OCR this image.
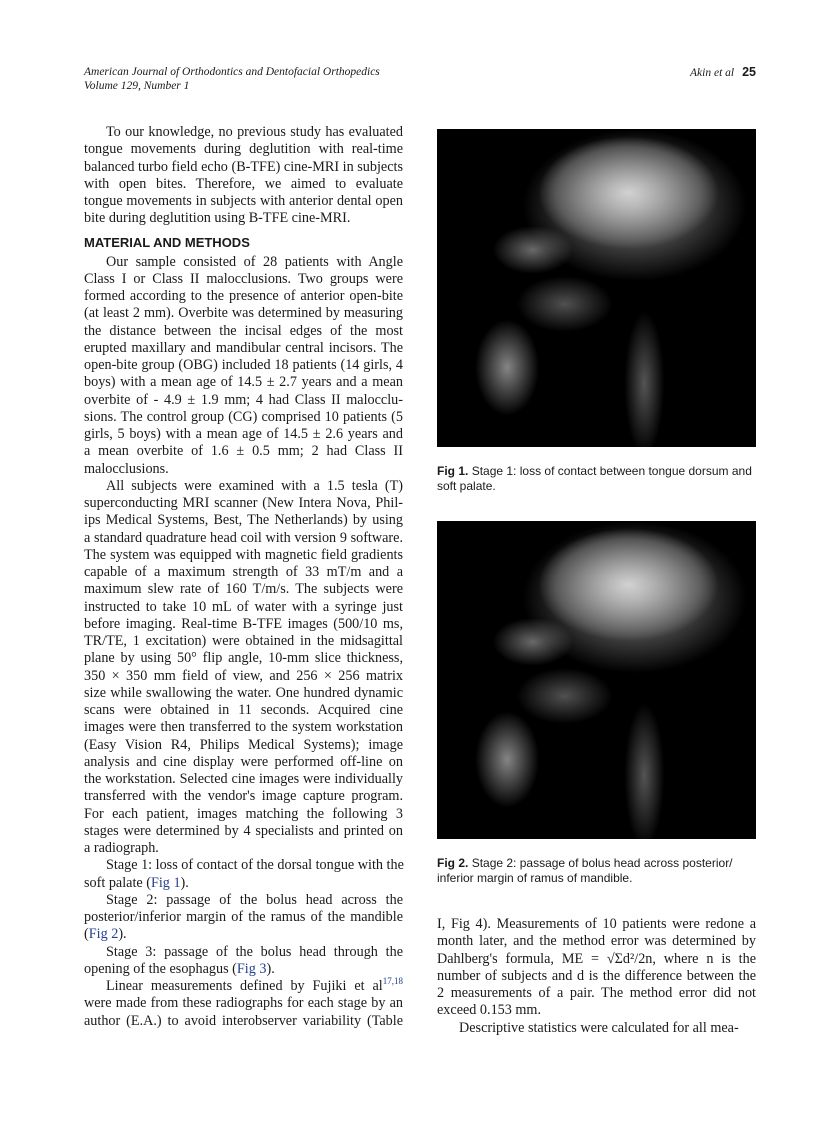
American Journal of Orthodontics and Dentofacial Orthopedics
Volume 129, Number 1
Akin et al 25
To our knowledge, no previous study has evaluated
tongue movements during deglutition with real-time
balanced turbo field echo (B-TFE) cine-MRI in subjects
with open bites. Therefore, we aimed to evaluate
tongue movements in subjects with anterior dental open
bite during deglutition using B-TFE cine-MRI.
MATERIAL AND METHODS
Our sample consisted of 28 patients with Angle
Class I or Class II malocclusions. Two groups were
formed according to the presence of anterior open-bite
(at least 2 mm). Overbite was determined by measuring
the distance between the incisal edges of the most
erupted maxillary and mandibular central incisors. The
open-bite group (OBG) included 18 patients (14 girls, 4
boys) with a mean age of 14.5 ± 2.7 years and a mean
overbite of - 4.9 ± 1.9 mm; 4 had Class II malocclu-
sions. The control group (CG) comprised 10 patients (5
girls, 5 boys) with a mean age of 14.5 ± 2.6 years and
a mean overbite of 1.6 ± 0.5 mm; 2 had Class II
malocclusions.
All subjects were examined with a 1.5 tesla (T)
superconducting MRI scanner (New Intera Nova, Phil-
ips Medical Systems, Best, The Netherlands) by using
a standard quadrature head coil with version 9 software.
The system was equipped with magnetic field gradients
capable of a maximum strength of 33 mT/m and a
maximum slew rate of 160 T/m/s. The subjects were
instructed to take 10 mL of water with a syringe just
before imaging. Real-time B-TFE images (500/10 ms,
TR/TE, 1 excitation) were obtained in the midsagittal
plane by using 50° flip angle, 10-mm slice thickness,
350 × 350 mm field of view, and 256 × 256 matrix
size while swallowing the water. One hundred dynamic
scans were obtained in 11 seconds. Acquired cine
images were then transferred to the system workstation
(Easy Vision R4, Philips Medical Systems); image
analysis and cine display were performed off-line on
the workstation. Selected cine images were individually
transferred with the vendor's image capture program.
For each patient, images matching the following 3
stages were determined by 4 specialists and printed on
a radiograph.
Stage 1: loss of contact of the dorsal tongue with the
soft palate (Fig 1).
Stage 2: passage of the bolus head across the
posterior/inferior margin of the ramus of the mandible
(Fig 2).
Stage 3: passage of the bolus head through the
opening of the esophagus (Fig 3).
Linear measurements defined by Fujiki et al$^{17,18}$
were made from these radiographs for each stage by an
author (E.A.) to avoid interobserver variability (Table
Fig 1. Stage 1: loss of contact between tongue dorsum and soft palate.
Fig 2. Stage 2: passage of bolus head across posterior/ inferior margin of ramus of mandible.
I, Fig 4). Measurements of 10 patients were redone a
month later, and the method error was determined by
Dahlberg's formula, ME = √Σd²/2n, where n is the
number of subjects and d is the difference between the
2 measurements of a pair. The method error did not
exceed 0.153 mm.
Descriptive statistics were calculated for all mea-
